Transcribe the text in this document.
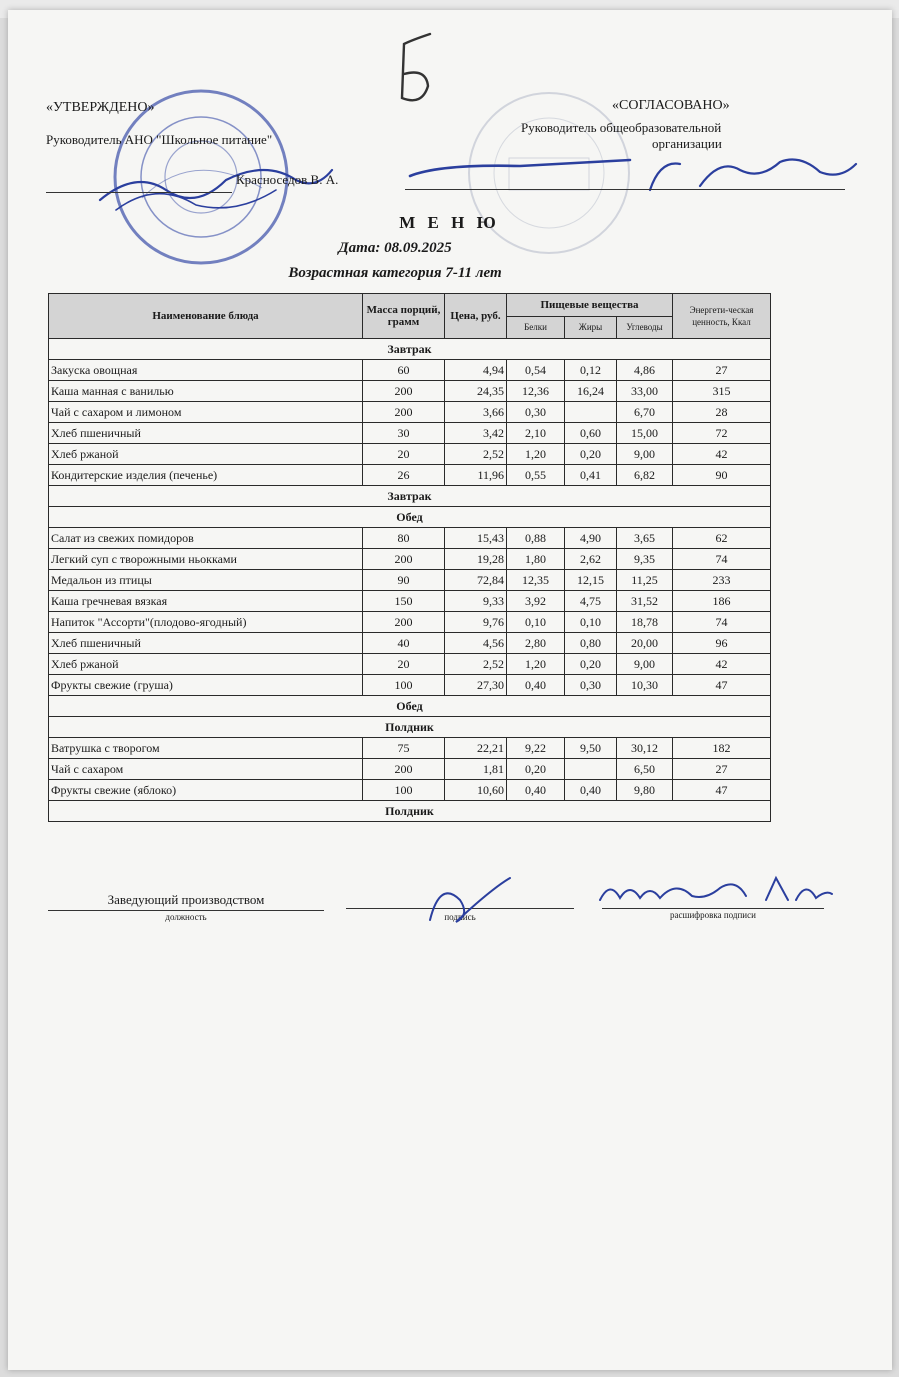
«УТВЕРЖДЕНО»
Руководитель АНО "Школьное питание"
Красноседов В. А.
«СОГЛАСОВАНО»
Руководитель общеобразовательной
организации
М Е Н Ю
Дата: 08.09.2025
Возрастная категория 7-11 лет
Наименование блюда	Масса порций, грамм	Цена, руб.	Пищевые вещества			Энергети-ческая ценность, Ккал
			Белки	Жиры	Углеводы	
Завтрак						
Закуска овощная	60	4,94	0,54	0,12	4,86	27
Каша манная с ванилью	200	24,35	12,36	16,24	33,00	315
Чай с сахаром и лимоном	200	3,66	0,30		6,70	28
Хлеб пшеничный	30	3,42	2,10	0,60	15,00	72
Хлеб ржаной	20	2,52	1,20	0,20	9,00	42
Кондитерские изделия (печенье)	26	11,96	0,55	0,41	6,82	90
Завтрак						
Обед						
Салат из свежих помидоров	80	15,43	0,88	4,90	3,65	62
Легкий суп с творожными ньокками	200	19,28	1,80	2,62	9,35	74
Медальон из птицы	90	72,84	12,35	12,15	11,25	233
Каша гречневая вязкая	150	9,33	3,92	4,75	31,52	186
Напиток "Ассорти"(плодово-ягодный)	200	9,76	0,10	0,10	18,78	74
Хлеб пшеничный	40	4,56	2,80	0,80	20,00	96
Хлеб ржаной	20	2,52	1,20	0,20	9,00	42
Фрукты свежие (груша)	100	27,30	0,40	0,30	10,30	47
Обед						
Полдник						
Ватрушка с творогом	75	22,21	9,22	9,50	30,12	182
Чай с сахаром	200	1,81	0,20		6,50	27
Фрукты свежие (яблоко)	100	10,60	0,40	0,40	9,80	47
Полдник						
Заведующий производством
должность	подпись	расшифровка подписи
